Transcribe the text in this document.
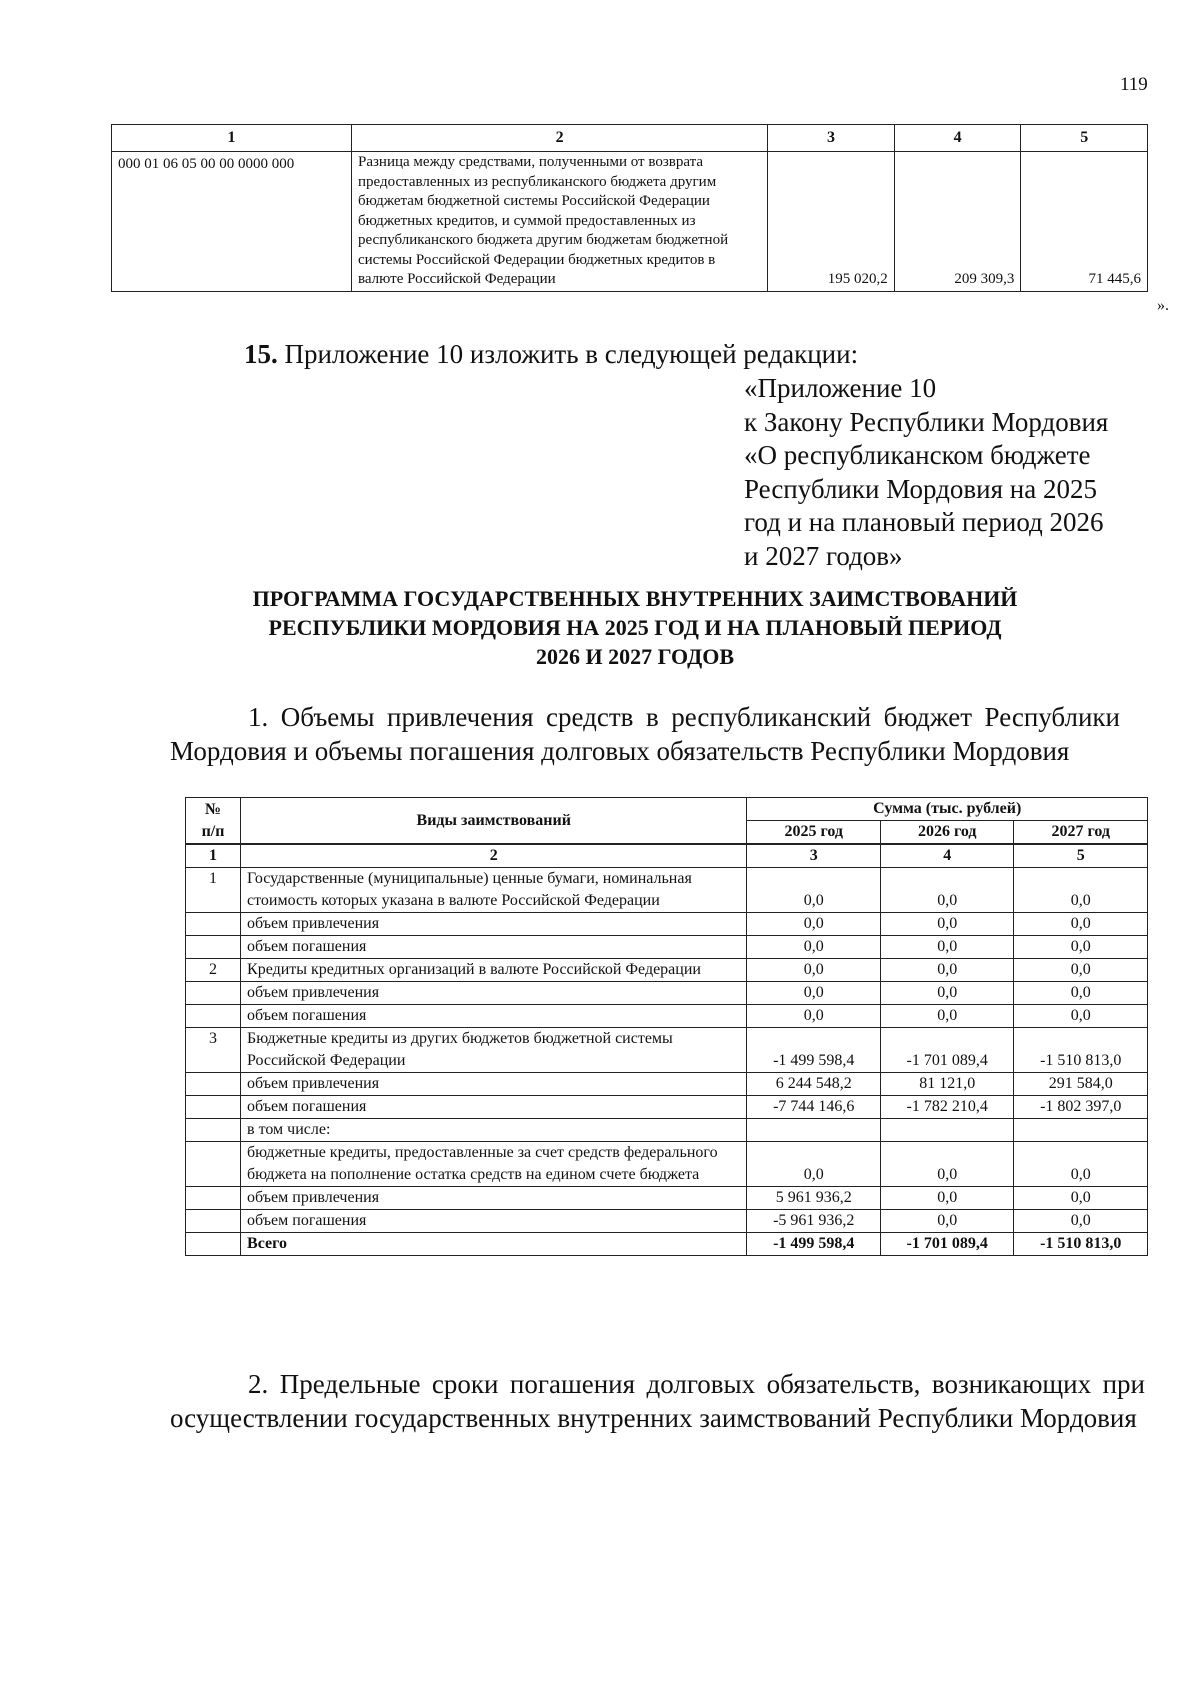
119
1	2	3	4	5
000 01 06 05 00 00 0000 000	Разница между средствами, полученными от возврата предоставленных из республиканского бюджета другим бюджетам бюджетной системы Российской Федерации бюджетных кредитов, и суммой предоставленных из республиканского бюджета другим бюджетам бюджетной системы Российской Федерации бюджетных кредитов в валюте Российской Федерации	195 020,2	209 309,3	71 445,6
».
15. Приложение 10 изложить в следующей редакции:
«Приложение 10
к Закону Республики Мордовия
«О республиканском бюджете
Республики Мордовия на 2025
год и на плановый период 2026
и 2027 годов»
ПРОГРАММА ГОСУДАРСТВЕННЫХ ВНУТРЕННИХ ЗАИМСТВОВАНИЙ
РЕСПУБЛИКИ МОРДОВИЯ НА 2025 ГОД И НА ПЛАНОВЫЙ ПЕРИОД
2026 И 2027 ГОДОВ
1. Объемы привлечения средств в республиканский бюджет Республики Мордовия и объемы погашения долговых обязательств Республики Мордовия
№
п/п	Виды заимствований	Сумма (тыс. рублей)		
		2025 год	2026 год	2027 год
1	2	3	4	5
1	Государственные (муниципальные) ценные бумаги, номинальная стоимость которых указана в валюте Российской Федерации	0,0	0,0	0,0
	объем привлечения	0,0	0,0	0,0
	объем погашения	0,0	0,0	0,0
2	Кредиты кредитных организаций в валюте Российской Федерации	0,0	0,0	0,0
	объем привлечения	0,0	0,0	0,0
	объем погашения	0,0	0,0	0,0
3	Бюджетные кредиты из других бюджетов бюджетной системы Российской Федерации	-1 499 598,4	-1 701 089,4	-1 510 813,0
	объем привлечения	6 244 548,2	81 121,0	291 584,0
	объем погашения	-7 744 146,6	-1 782 210,4	-1 802 397,0
	в том числе:			
	бюджетные кредиты, предоставленные за счет средств федерального бюджета на пополнение остатка средств на едином счете бюджета	0,0	0,0	0,0
	объем привлечения	5 961 936,2	0,0	0,0
	объем погашения	-5 961 936,2	0,0	0,0
	Всего	-1 499 598,4	-1 701 089,4	-1 510 813,0
2. Предельные сроки погашения долговых обязательств, возникающих при
осуществлении государственных внутренних заимствований Республики Мордовия
